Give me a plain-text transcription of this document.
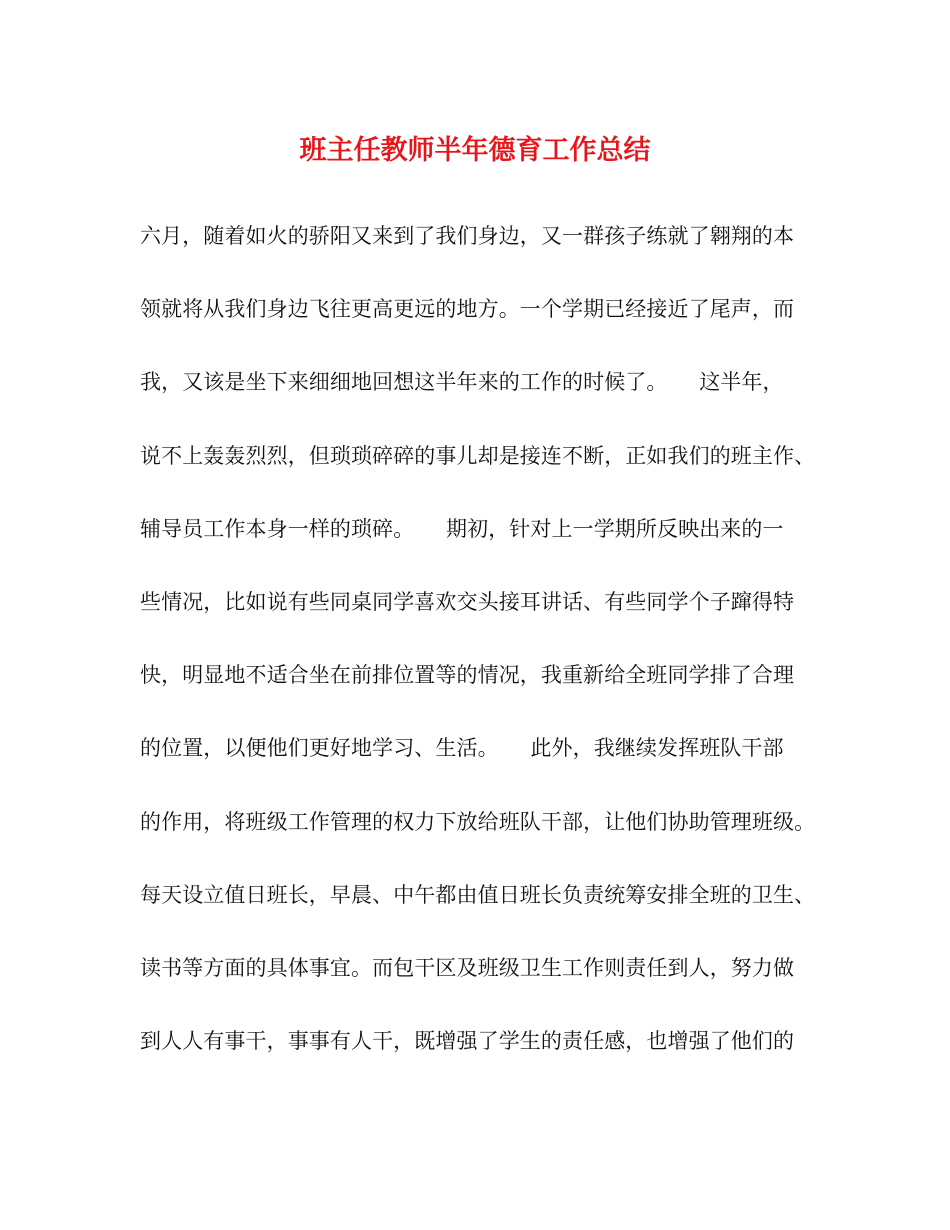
班主任教师半年德育工作总结
六月，随着如火的骄阳又来到了我们身边，又一群孩子练就了翱翔的本
领就将从我们身边飞往更高更远的地方。一个学期已经接近了尾声，而
我，又该是坐下来细细地回想这半年来的工作的时候了。　　这半年，
说不上轰轰烈烈，但琐琐碎碎的事儿却是接连不断，正如我们的班主作、
辅导员工作本身一样的琐碎。　　期初，针对上一学期所反映出来的一
些情况，比如说有些同桌同学喜欢交头接耳讲话、有些同学个子蹿得特
快，明显地不适合坐在前排位置等的情况，我重新给全班同学排了合理
的位置，以便他们更好地学习、生活。　　此外，我继续发挥班队干部
的作用，将班级工作管理的权力下放给班队干部，让他们协助管理班级。
每天设立值日班长，早晨、中午都由值日班长负责统筹安排全班的卫生、
读书等方面的具体事宜。而包干区及班级卫生工作则责任到人，努力做
到人人有事干，事事有人干，既增强了学生的责任感，也增强了他们的
